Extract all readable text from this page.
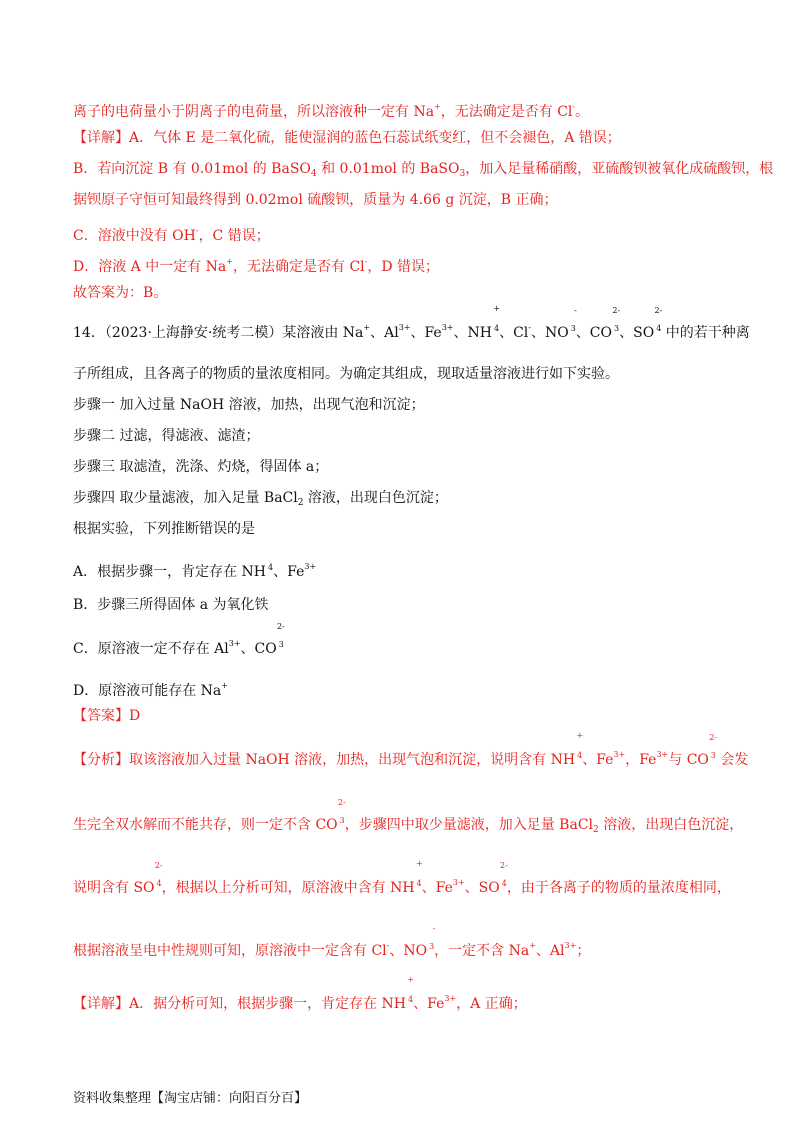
离子的电荷量小于阴离子的电荷量，所以溶液种一定有 Na+，无法确定是否有 Cl-。
【详解】A．气体 E 是二氧化硫，能使湿润的蓝色石蕊试纸变红，但不会褪色，A 错误；
B．若向沉淀 B 有 0.01mol 的 BaSO$_4$ 和 0.01mol 的 BaSO$_3$，加入足量稀硝酸，亚硫酸钡被氧化成硫酸钡，根
据钡原子守恒可知最终得到 0.02mol 硫酸钡，质量为 4.66 g 沉淀，B 正确；
C．溶液中没有 OH-，C 错误；
D．溶液 A 中一定有 Na+，无法确定是否有 Cl-，D 错误；
故答案为：B。
14．（2023·上海静安·统考二模）某溶液由 Na+、$Al^{3+}$、$Fe^{3+}$、NH $^4$
+
、Cl-、NO $^3$
-
、CO $^3$
2-
、SO $^4$
2-
中的若干种离
子所组成，且各离子的物质的量浓度相同。为确定其组成，现取适量溶液进行如下实验。
步骤一 加入过量 NaOH 溶液，加热，出现气泡和沉淀；
步骤二 过滤，得滤液、滤渣；
步骤三 取滤渣，洗涤、灼烧，得固体 a；
步骤四 取少量滤液，加入足量 BaCl$_2$ 溶液，出现白色沉淀；
根据实验，下列推断错误的是
A．根据步骤一，肯定存在 NH $^4$、$Fe^{3+}$
B．步骤三所得固体 a 为氧化铁
C．原溶液一定不存在 $Al^{3+}$、CO $^3$
2-
D．原溶液可能存在 Na+
【答案】D
【分析】取该溶液加入过量 NaOH 溶液，加热，出现气泡和沉淀，说明含有 NH $^4$
+
、$Fe^{3+}$，$Fe^{3+}$与 CO $^3$
2-
会发
生完全双水解而不能共存，则一定不含 CO $^3$
2-
，步骤四中取少量滤液，加入足量 BaCl$_2$ 溶液，出现白色沉淀，
说明含有 SO $^4$
2-
，根据以上分析可知，原溶液中含有 NH $^4$
+
、$Fe^{3+}$、SO $^4$
2-
，由于各离子的物质的量浓度相同，
根据溶液呈电中性规则可知，原溶液中一定含有 Cl-、NO $^3$
-
，一定不含 Na+、$Al^{3+}$；
【详解】A．据分析可知，根据步骤一，肯定存在 NH $^4$
+
、$Fe^{3+}$，A 正确；
资料收集整理【淘宝店铺：向阳百分百】
